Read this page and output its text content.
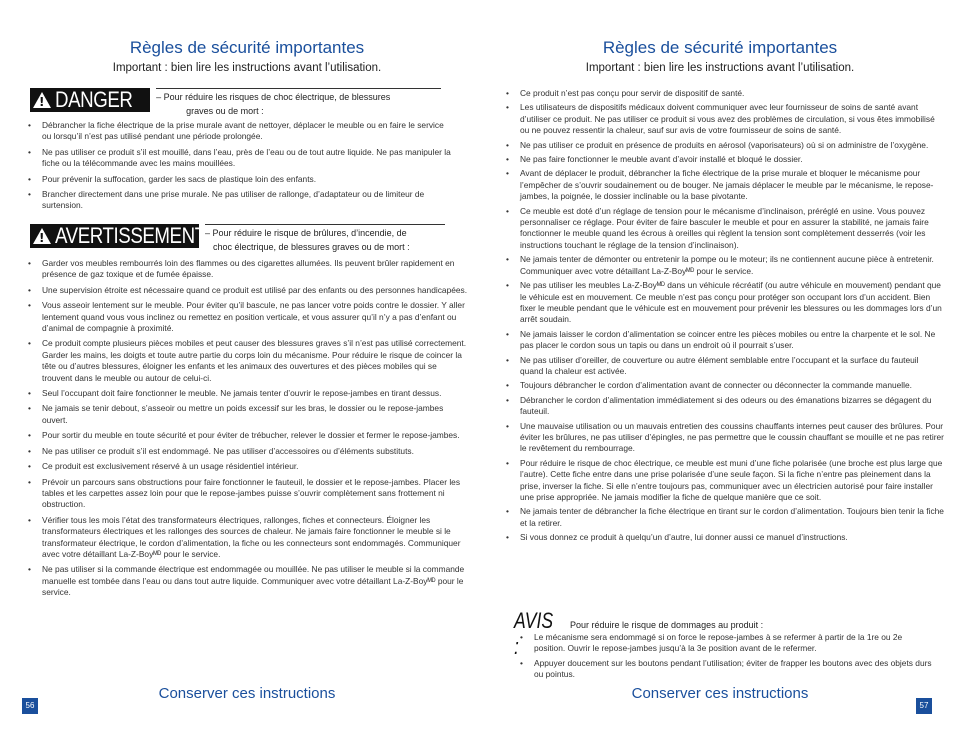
Règles de sécurité importantes
Important : bien lire les instructions avant l’utilisation.
! DANGER	– Pour réduire les risques de choc électrique, de blessures
graves ou de mort :
• Débrancher la fiche électrique de la prise murale avant de nettoyer, déplacer le meuble ou en faire le service ou lorsqu’il n’est pas utilisé pendant une période prolongée.
• Ne pas utiliser ce produit s’il est mouillé, dans l’eau, près de l’eau ou de tout autre liquide. Ne pas manipuler la fiche ou la télécommande avec les mains mouillées.
• Pour prévenir la suffocation, garder les sacs de plastique loin des enfants.
• Brancher directement dans une prise murale. Ne pas utiliser de rallonge, d’adaptateur ou de limiteur de surtension.
! AVERTISSEMENT – Pour réduire le risque de brûlures, d’incendie, de
choc électrique, de blessures graves ou de mort :
• Garder vos meubles rembourrés loin des flammes ou des cigarettes allumées. Ils peuvent brûler rapidement en présence de gaz toxique et de fumée épaisse.
• Une supervision étroite est nécessaire quand ce produit est utilisé par des enfants ou des personnes handicapées.
• Vous asseoir lentement sur le meuble. Pour éviter qu’il bascule, ne pas lancer votre poids contre le dossier. Y aller lentement quand vous vous inclinez ou remettez en position verticale, et vous assurer qu’il n’y a pas d’enfant ou d’animal de compagnie à proximité.
• Ce produit compte plusieurs pièces mobiles et peut causer des blessures graves s’il n’est pas utilisé correctement. Garder les mains, les doigts et toute autre partie du corps loin du mécanisme. Pour réduire le risque de coincer la tête ou d’autres blessures, éloigner les enfants et les animaux des ouvertures et des pièces mobiles qui se trouvent dans le meuble ou autour de celui-ci.
• Seul l’occupant doit faire fonctionner le meuble. Ne jamais tenter d’ouvrir le repose-jambes en tirant dessus.
• Ne jamais se tenir debout, s’asseoir ou mettre un poids excessif sur les bras, le dossier ou le repose-jambes ouvert.
• Pour sortir du meuble en toute sécurité et pour éviter de trébucher, relever le dossier et fermer le repose-jambes.
• Ne pas utiliser ce produit s’il est endommagé. Ne pas utiliser d’accessoires ou d’éléments substituts.
• Ce produit est exclusivement réservé à un usage résidentiel intérieur.
• Prévoir un parcours sans obstructions pour faire fonctionner le fauteuil, le dossier et le repose-jambes. Placer les tables et les carpettes assez loin pour que le repose-jambes puisse s’ouvrir complètement sans frottement ni obstruction.
• Vérifier tous les mois l’état des transformateurs électriques, rallonges, fiches et connecteurs. Éloigner les transformateurs électriques et les rallonges des sources de chaleur. Ne jamais faire fonctionner le meuble si le transformateur électrique, le cordon d’alimentation, la fiche ou les connecteurs sont endommagés. Communiquer avec votre détaillant La-Z-Boyᴹᴰ pour le service.
• Ne pas utiliser si la commande électrique est endommagée ou mouillée. Ne pas utiliser le meuble si la commande manuelle est tombée dans l’eau ou dans tout autre liquide. Communiquer avec votre détaillant La-Z-Boyᴹᴰ pour le service.
Conserver ces instructions
56
Règles de sécurité importantes
Important : bien lire les instructions avant l’utilisation.
• Ce produit n’est pas conçu pour servir de dispositif de santé.
• Les utilisateurs de dispositifs médicaux doivent communiquer avec leur fournisseur de soins de santé avant d’utiliser ce produit. Ne pas utiliser ce produit si vous avez des problèmes de circulation, si vous êtes immobilisé ou ne pouvez ressentir la chaleur, sauf sur avis de votre fournisseur de soins de santé.
• Ne pas utiliser ce produit en présence de produits en aérosol (vaporisateurs) où si on administre de l’oxygène.
• Ne pas faire fonctionner le meuble avant d’avoir installé et bloqué le dossier.
• Avant de déplacer le produit, débrancher la fiche électrique de la prise murale et bloquer le mécanisme pour l’empêcher de s’ouvrir soudainement ou de bouger. Ne jamais déplacer le meuble par le mécanisme, le repose-jambes, la poignée, le dossier inclinable ou la base pivotante.
• Ce meuble est doté d’un réglage de tension pour le mécanisme d’inclinaison, préréglé en usine. Vous pouvez personnaliser ce réglage. Pour éviter de faire basculer le meuble et pour en assurer la stabilité, ne jamais faire fonctionner le meuble quand les écrous à oreilles qui règlent la tension sont complètement desserrés (voir les instructions touchant le réglage de la tension d’inclinaison).
• Ne jamais tenter de démonter ou entretenir la pompe ou le moteur; ils ne contiennent aucune pièce à entretenir. Communiquer avec votre détaillant La-Z-Boyᴹᴰ pour le service.
• Ne pas utiliser les meubles La-Z-Boyᴹᴰ dans un véhicule récréatif (ou autre véhicule en mouvement) pendant que le véhicule est en mouvement. Ce meuble n’est pas conçu pour protéger son occupant lors d’un accident. Bien fixer le meuble pendant que le véhicule est en mouvement pour prévenir les blessures ou les dommages lors d’un arrêt soudain.
• Ne jamais laisser le cordon d’alimentation se coincer entre les pièces mobiles ou entre la charpente et le sol. Ne pas placer le cordon sous un tapis ou dans un endroit où il pourrait s’user.
• Ne pas utiliser d’oreiller, de couverture ou autre élément semblable entre l’occupant et la surface du fauteuil quand la chaleur est activée.
• Toujours débrancher le cordon d’alimentation avant de connecter ou déconnecter la commande manuelle.
• Débrancher le cordon d’alimentation immédiatement si des odeurs ou des émanations bizarres se dégagent du fauteuil.
• Une mauvaise utilisation ou un mauvais entretien des coussins chauffants internes peut causer des brûlures. Pour éviter les brûlures, ne pas utiliser d’épingles, ne pas permettre que le coussin chauffant se mouille et ne pas retirer le revêtement du rembourrage.
• Pour réduire le risque de choc électrique, ce meuble est muni d’une fiche polarisée (une broche est plus large que l’autre). Cette fiche entre dans une prise polarisée d’une seule façon. Si la fiche n’entre pas pleinement dans la prise, inverser la fiche. Si elle n’entre toujours pas, communiquer avec un électricien autorisé pour faire installer une prise appropriée. Ne jamais modifier la fiche de quelque manière que ce soit.
• Ne jamais tenter de débrancher la fiche électrique en tirant sur le cordon d’alimentation. Toujours bien tenir la fiche et la retirer.
• Si vous donnez ce produit à quelqu’un d’autre, lui donner aussi ce manuel d’instructions.
AVIS :
Pour réduire le risque de dommages au produit :
• Le mécanisme sera endommagé si on force le repose-jambes à se refermer à partir de la 1re ou 2e position. Ouvrir le repose-jambes jusqu’à la 3e position avant de le refermer.
• Appuyer doucement sur les boutons pendant l’utilisation; éviter de frapper les boutons avec des objets durs ou pointus.
Conserver ces instructions
57
